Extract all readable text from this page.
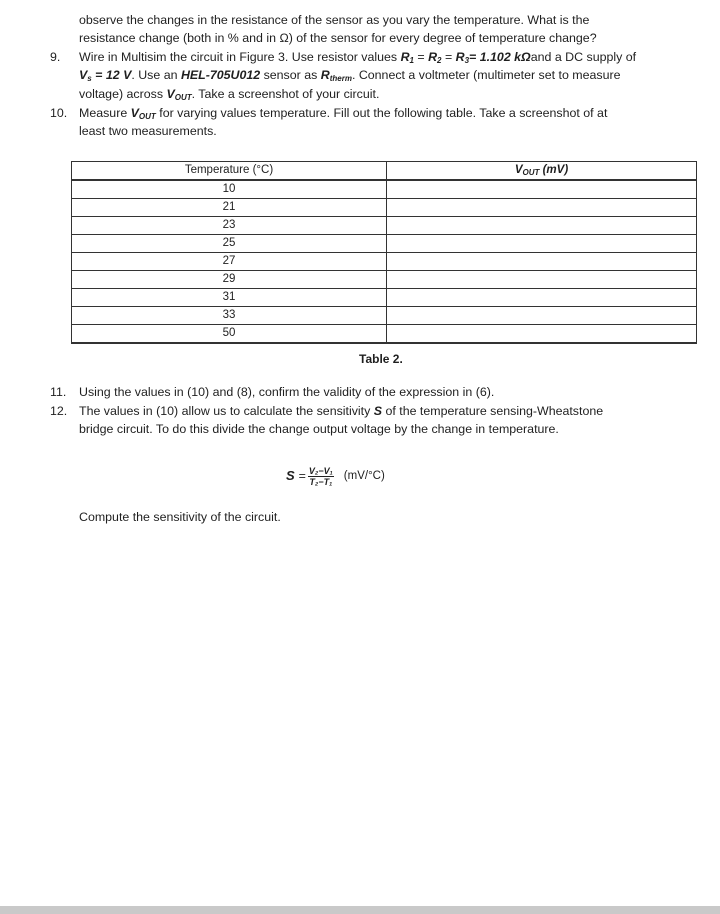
observe the changes in the resistance of the sensor as you vary the temperature. What is the
resistance change (both in % and in Ω) of the sensor for every degree of temperature change?
9. Wire in Multisim the circuit in Figure 3. Use resistor values $R_1 = R_2 = R_3= 1.102$ kΩand a DC supply of
$V_s = 12$ V. Use an HEL-705U012 sensor as $R_{therm}$. Connect a voltmeter (multimeter set to measure
voltage) across $V_{OUT}$. Take a screenshot of your circuit.
10. Measure $V_{OUT}$ for varying values temperature. Fill out the following table. Take a screenshot of at
least two measurements.
Temperature (°C)	$V_{OUT}$ (mV)
10	
21	
23	
25	
27	
29	
31	
33	
50	
Table 2.
11. Using the values in (10) and (8), confirm the validity of the expression in (6).
12. The values in (10) allow us to calculate the sensitivity S of the temperature sensing-Wheatstone
bridge circuit. To do this divide the change output voltage by the change in temperature.
$S = \frac{\text{V₂−V₁}}{\text{T₂−T₁}} (mV/^\circ C)$
Compute the sensitivity of the circuit.
